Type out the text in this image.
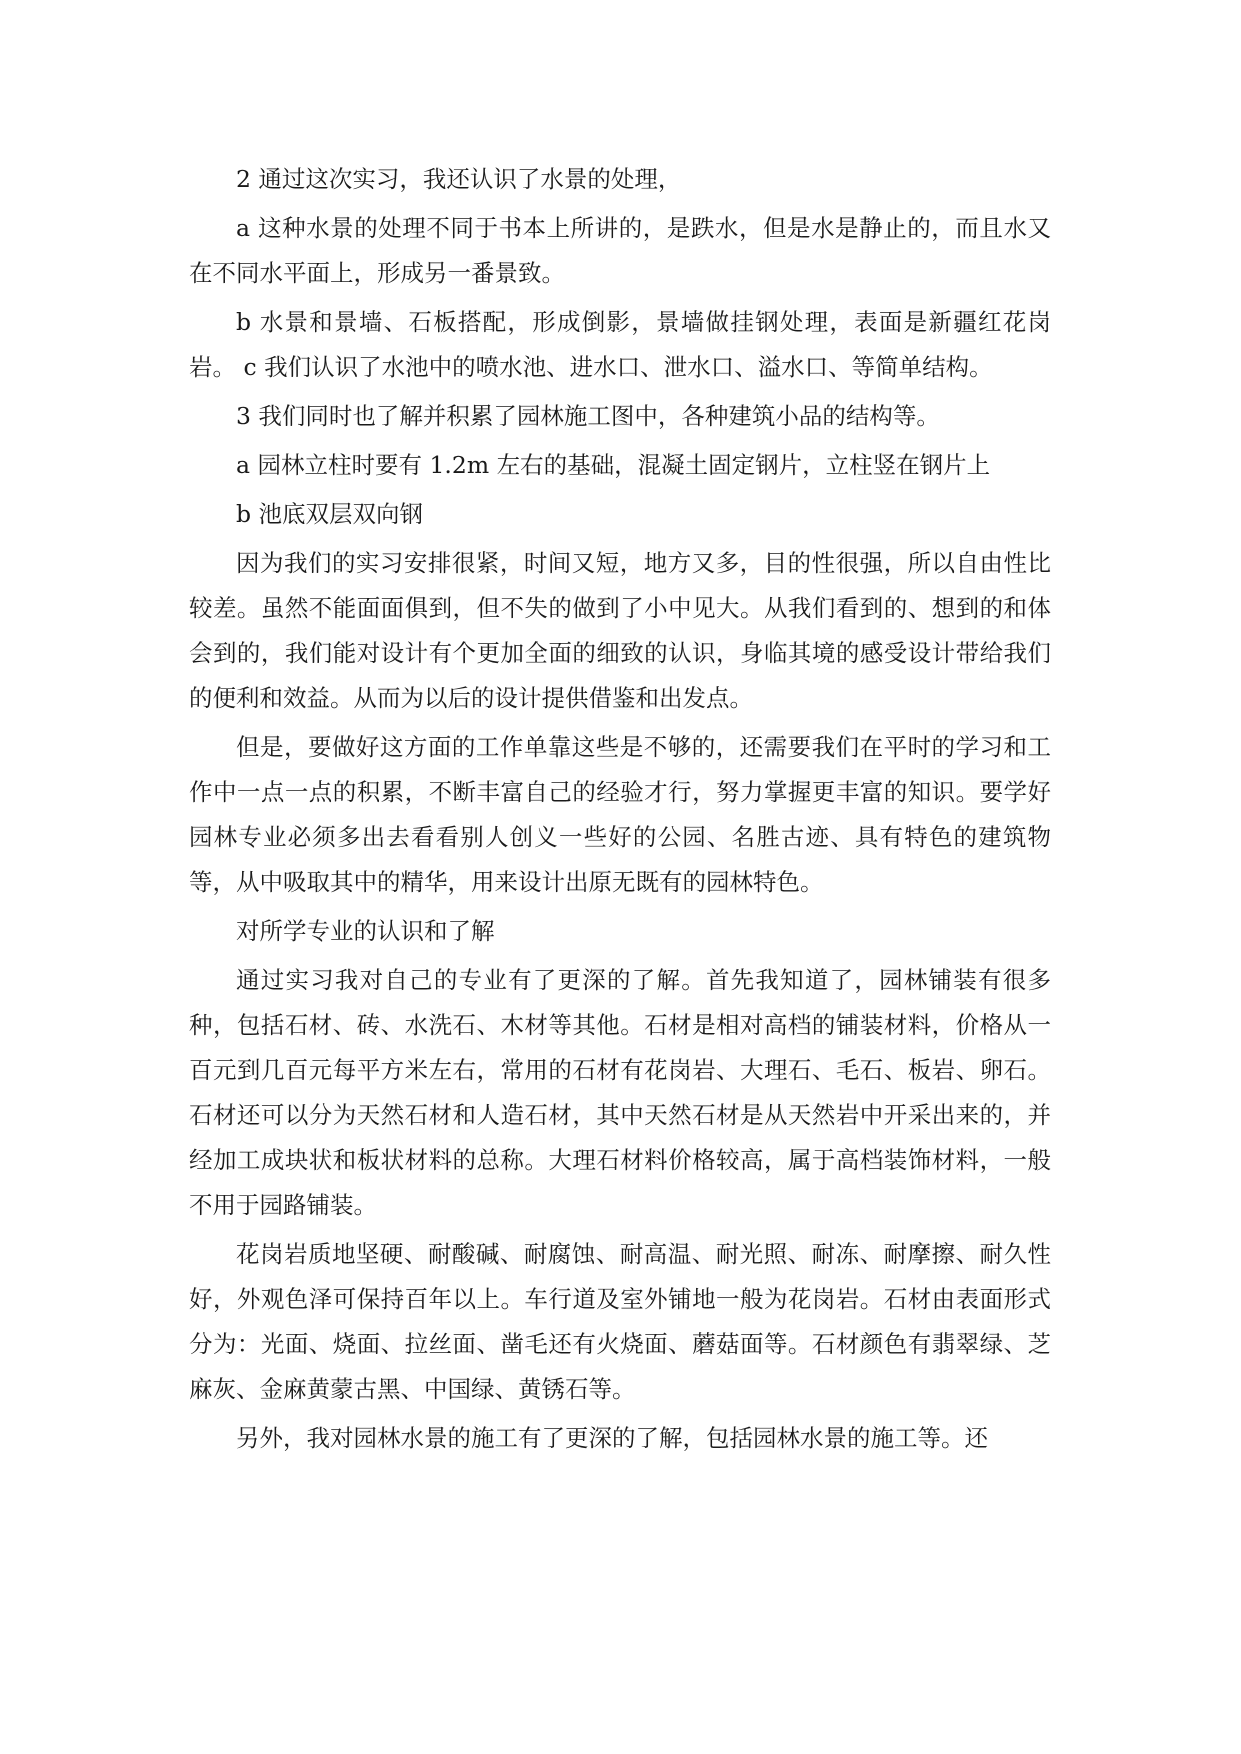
2 通过这次实习，我还认识了水景的处理，

a 这种水景的处理不同于书本上所讲的，是跌水，但是水是静止的，而且水又在不同水平面上，形成另一番景致。

b 水景和景墙、石板搭配，形成倒影，景墙做挂钢处理，表面是新疆红花岗岩。 c 我们认识了水池中的喷水池、进水口、泄水口、溢水口、等简单结构。

3 我们同时也了解并积累了园林施工图中，各种建筑小品的结构等。

a 园林立柱时要有 1.2m 左右的基础，混凝土固定钢片，立柱竖在钢片上

b 池底双层双向钢

因为我们的实习安排很紧，时间又短，地方又多，目的性很强，所以自由性比较差。虽然不能面面俱到，但不失的做到了小中见大。从我们看到的、想到的和体会到的，我们能对设计有个更加全面的细致的认识，身临其境的感受设计带给我们的便利和效益。从而为以后的设计提供借鉴和出发点。

但是，要做好这方面的工作单靠这些是不够的，还需要我们在平时的学习和工作中一点一点的积累，不断丰富自己的经验才行，努力掌握更丰富的知识。要学好园林专业必须多出去看看别人创义一些好的公园、名胜古迹、具有特色的建筑物等，从中吸取其中的精华，用来设计出原无既有的园林特色。

对所学专业的认识和了解

通过实习我对自己的专业有了更深的了解。首先我知道了，园林铺装有很多种，包括石材、砖、水洗石、木材等其他。石材是相对高档的铺装材料，价格从一百元到几百元每平方米左右，常用的石材有花岗岩、大理石、毛石、板岩、卵石。石材还可以分为天然石材和人造石材，其中天然石材是从天然岩中开采出来的，并经加工成块状和板状材料的总称。大理石材料价格较高，属于高档装饰材料，一般不用于园路铺装。

花岗岩质地坚硬、耐酸碱、耐腐蚀、耐高温、耐光照、耐冻、耐摩擦、耐久性好，外观色泽可保持百年以上。车行道及室外铺地一般为花岗岩。石材由表面形式分为：光面、烧面、拉丝面、凿毛还有火烧面、蘑菇面等。石材颜色有翡翠绿、芝麻灰、金麻黄蒙古黑、中国绿、黄锈石等。

另外，我对园林水景的施工有了更深的了解，包括园林水景的施工等。还
